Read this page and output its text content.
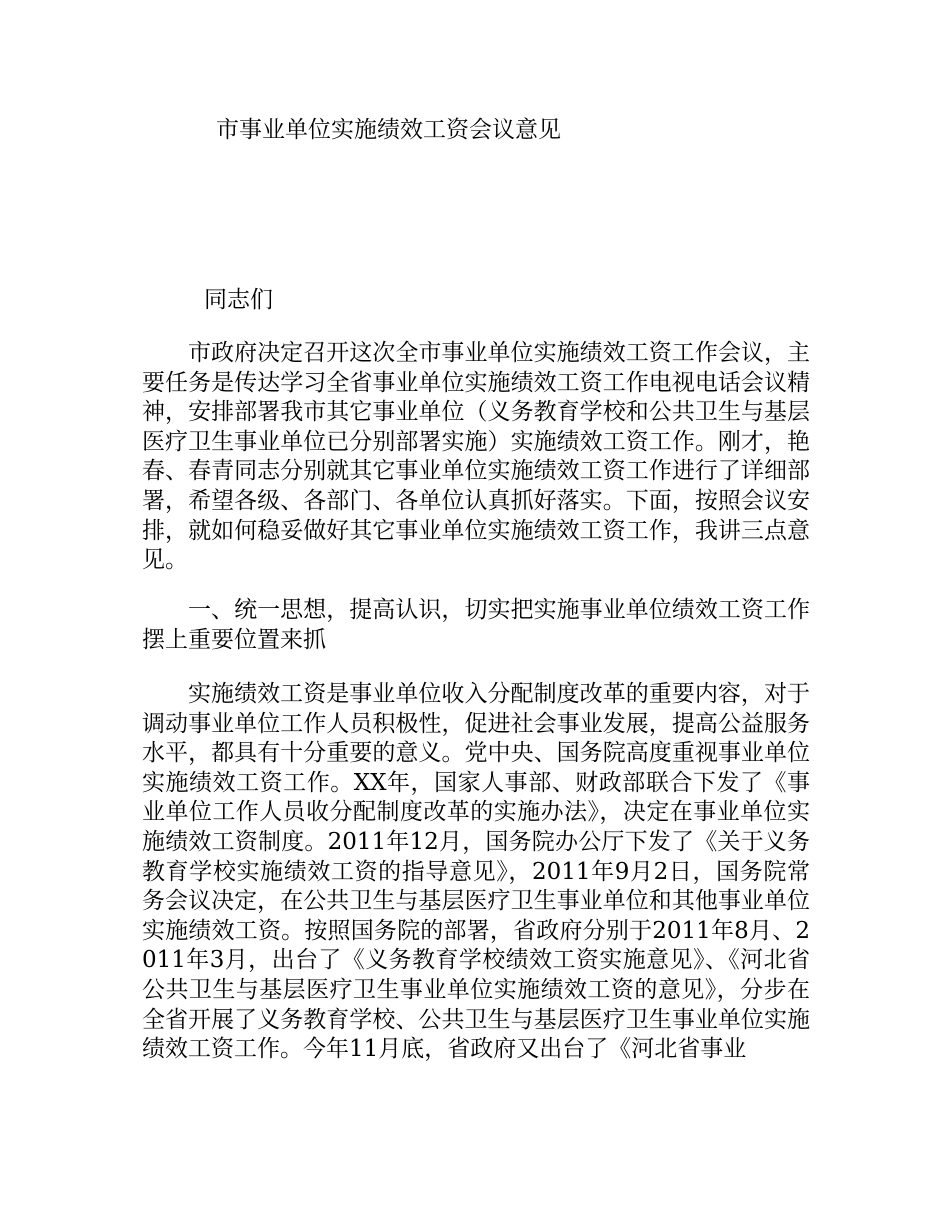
市事业单位实施绩效工资会议意见

同志们

市政府决定召开这次全市事业单位实施绩效工资工作会议，主要任务是传达学习全省事业单位实施绩效工资工作电视电话会议精神，安排部署我市其它事业单位（义务教育学校和公共卫生与基层医疗卫生事业单位已分别部署实施）实施绩效工资工作。刚才，艳春、春青同志分别就其它事业单位实施绩效工资工作进行了详细部署，希望各级、各部门、各单位认真抓好落实。下面，按照会议安排，就如何稳妥做好其它事业单位实施绩效工资工作，我讲三点意见。

一、统一思想，提高认识，切实把实施事业单位绩效工资工作摆上重要位置来抓

实施绩效工资是事业单位收入分配制度改革的重要内容，对于调动事业单位工作人员积极性，促进社会事业发展，提高公益服务水平，都具有十分重要的意义。党中央、国务院高度重视事业单位实施绩效工资工作。XX年，国家人事部、财政部联合下发了《事业单位工作人员收分配制度改革的实施办法》，决定在事业单位实施绩效工资制度。2011年12月，国务院办公厅下发了《关于义务教育学校实施绩效工资的指导意见》，2011年9月2日，国务院常务会议决定，在公共卫生与基层医疗卫生事业单位和其他事业单位实施绩效工资。按照国务院的部署，省政府分别于2011年8月、2011年3月，出台了《义务教育学校绩效工资实施意见》、《河北省公共卫生与基层医疗卫生事业单位实施绩效工资的意见》，分步在全省开展了义务教育学校、公共卫生与基层医疗卫生事业单位实施绩效工资工作。今年11月底，省政府又出台了《河北省事业
